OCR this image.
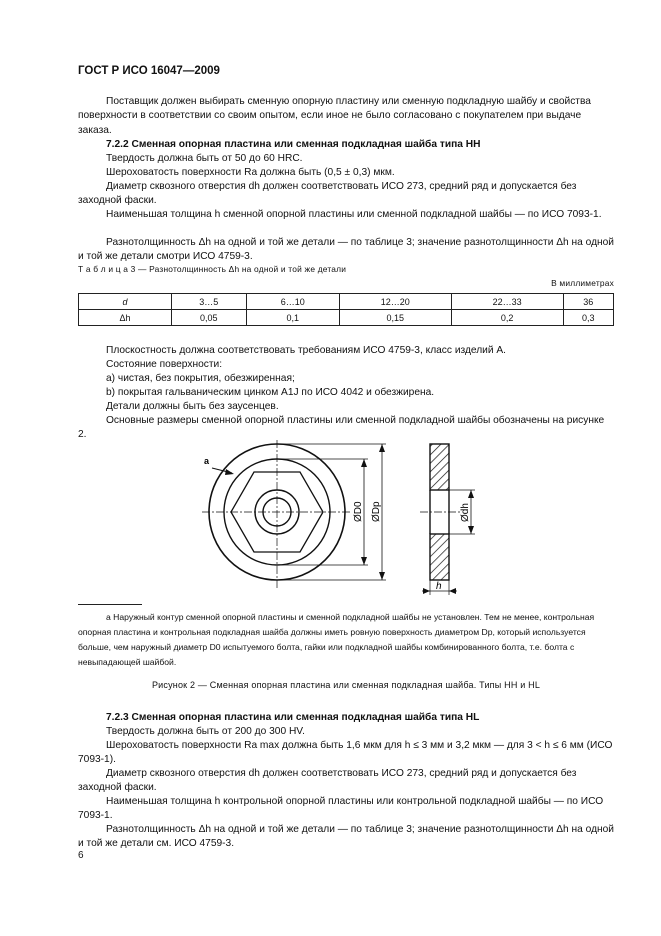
ГОСТ Р ИСО 16047—2009

Поставщик должен выбирать сменную опорную пластину или сменную подкладную шайбу и свойства поверхности в соответствии со своим опытом, если иное не было согласовано с покупателем при выдаче заказа.

7.2.2 Сменная опорная пластина или сменная подкладная шайба типа HH

Твердость должна быть от 50 до 60 HRC.

Шероховатость поверхности Ra должна быть (0,5 ± 0,3) мкм.

Диаметр сквозного отверстия dh должен соответствовать ИСО 273, средний ряд и допускается без заходной фаски.

Наименьшая толщина h сменной опорной пластины или сменной подкладной шайбы — по ИСО 7093-1.

Разнотолщинность Δh на одной и той же детали — по таблице 3; значение разнотолщинности Δh на одной и той же детали смотри ИСО 4759-3.

Т а б л и ц а 3 — Разнотолщинность Δh на одной и той же детали
В миллиметрах
d	3…5	6…10	12…20	22…33	36
Δh	0,05	0,1	0,15	0,2	0,3

Плоскостность должна соответствовать требованиям ИСО 4759-3, класс изделий А.

Состояние поверхности:

a) чистая, без покрытия, обезжиренная;

b) покрытая гальваническим цинком A1J по ИСО 4042 и обезжирена.

Детали должны быть без заусенцев.

Основные размеры сменной опорной пластины или сменной подкладной шайбы обозначены на рисунке 2.

a
ØD0 ØDp	Ødh
h

a Наружный контур сменной опорной пластины и сменной подкладной шайбы не установлен. Тем не менее, контрольная опорная пластина и контрольная подкладная шайба должны иметь ровную поверхность диаметром Dp, который используется больше, чем наружный диаметр D0 испытуемого болта, гайки или подкладной шайбы комбинированного болта, т.е. болта с невыпадающей шайбой.

Рисунок 2 — Сменная опорная пластина или сменная подкладная шайба. Типы HH и HL

7.2.3 Сменная опорная пластина или сменная подкладная шайба типа HL

Твердость должна быть от 200 до 300 HV.

Шероховатость поверхности Ra max должна быть 1,6 мкм для h ≤ 3 мм и 3,2 мкм — для 3 < h ≤ 6 мм (ИСО 7093-1).

Диаметр сквозного отверстия dh должен соответствовать ИСО 273, средний ряд и допускается без заходной фаски.

Наименьшая толщина h контрольной опорной пластины или контрольной подкладной шайбы — по ИСО 7093-1.

Разнотолщинность Δh на одной и той же детали — по таблице 3; значение разнотолщинности Δh на одной и той же детали см. ИСО 4759-3.

6
